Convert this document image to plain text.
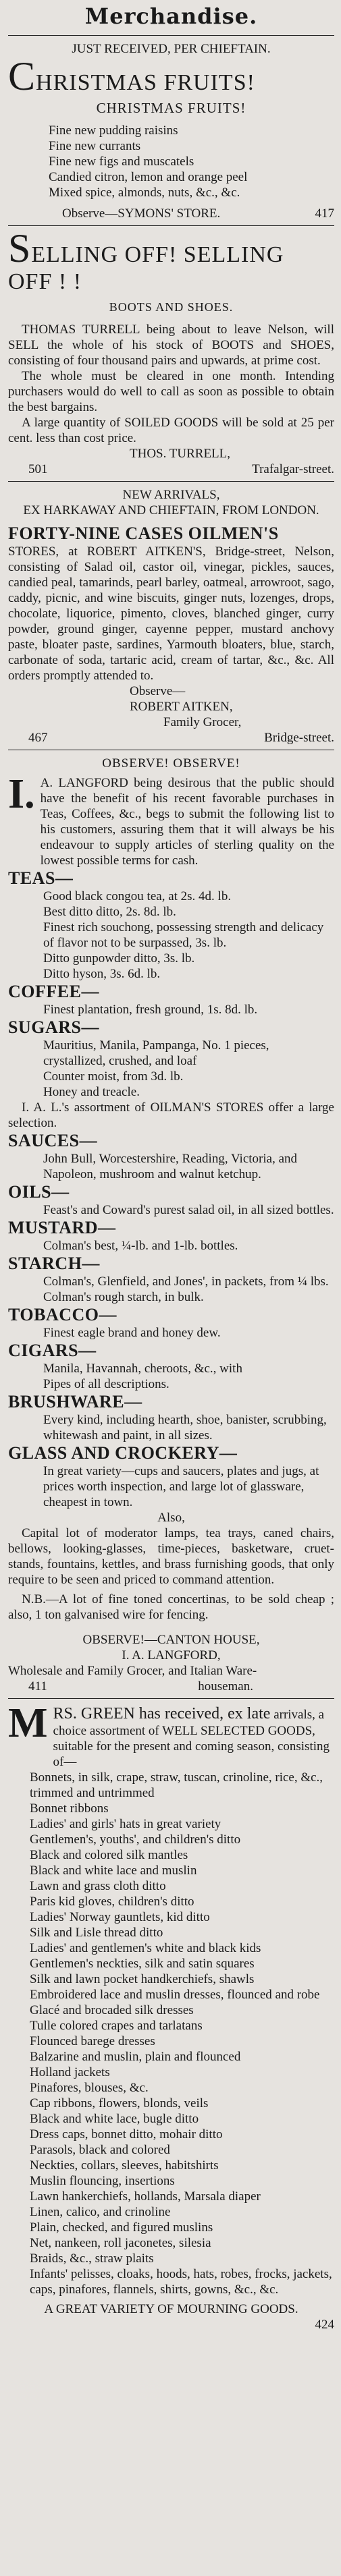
Merchandise.
JUST RECEIVED, PER CHIEFTAIN.
CHRISTMAS FRUITS!
CHRISTMAS FRUITS!
Fine new pudding raisins
Fine new currants
Fine new figs and muscatels
Candied citron, lemon and orange peel
Mixed spice, almonds, nuts, &c., &c.
Observe—SYMONS' STORE.	417
SELLING OFF! SELLING OFF ! !
BOOTS AND SHOES.
THOMAS TURRELL being about to leave Nelson, will SELL the whole of his stock of BOOTS and SHOES, consisting of four thousand pairs and upwards, at prime cost.
The whole must be cleared in one month. Intending purchasers would do well to call as soon as possible to obtain the best bargains.
A large quantity of SOILED GOODS will be sold at 25 per cent. less than cost price.
THOS. TURRELL,
501	Trafalgar-street.
NEW ARRIVALS,
EX HARKAWAY AND CHIEFTAIN, FROM LONDON.
FORTY-NINE CASES OILMEN'S
STORES, at ROBERT AITKEN'S, Bridge-street, Nelson, consisting of Salad oil, castor oil, vinegar, pickles, sauces, candied peal, tamarinds, pearl barley, oatmeal, arrowroot, sago, caddy, picnic, and wine biscuits, ginger nuts, lozenges, drops, chocolate, liquorice, pimento, cloves, blanched ginger, curry powder, ground ginger, cayenne pepper, mustard anchovy paste, bloater paste, sardines, Yarmouth bloaters, blue, starch, carbonate of soda, tartaric acid, cream of tartar, &c., &c. All orders promptly attended to.
Observe—
ROBERT AITKEN,
Family Grocer,
467	Bridge-street.
OBSERVE! OBSERVE!
I. A. LANGFORD being desirous that the public should have the benefit of his recent favorable purchases in Teas, Coffees, &c., begs to submit the following list to his customers, assuring them that it will always be his endeavour to supply articles of sterling quality on the lowest possible terms for cash.
TEAS—
Good black congou tea, at 2s. 4d. lb.
Best ditto ditto, 2s. 8d. lb.
Finest rich souchong, possessing strength and delicacy of flavor not to be surpassed, 3s. lb.
Ditto gunpowder ditto, 3s. lb.
Ditto hyson, 3s. 6d. lb.
COFFEE—
Finest plantation, fresh ground, 1s. 8d. lb.
SUGARS—
Mauritius, Manila, Pampanga, No. 1 pieces, crystallized, crushed, and loaf
Counter moist, from 3d. lb.
Honey and treacle.
I. A. L.'s assortment of OILMAN'S STORES offer a large selection.
SAUCES—
John Bull, Worcestershire, Reading, Victoria, and Napoleon, mushroom and walnut ketchup.
OILS—
Feast's and Coward's purest salad oil, in all sized bottles.
MUSTARD—
Colman's best, ¼-lb. and 1-lb. bottles.
STARCH—
Colman's, Glenfield, and Jones', in packets, from ¼ lbs.
Colman's rough starch, in bulk.
TOBACCO—
Finest eagle brand and honey dew.
CIGARS—
Manila, Havannah, cheroots, &c., with
Pipes of all descriptions.
BRUSHWARE—
Every kind, including hearth, shoe, banister, scrubbing, whitewash and paint, in all sizes.
GLASS AND CROCKERY—
In great variety—cups and saucers, plates and jugs, at prices worth inspection, and large lot of glassware, cheapest in town.
Also,
Capital lot of moderator lamps, tea trays, caned chairs, bellows, looking-glasses, time-pieces, basketware, cruet-stands, fountains, kettles, and brass furnishing goods, that only require to be seen and priced to command attention.
N.B.—A lot of fine toned concertinas, to be sold cheap ; also, 1 ton galvanised wire for fencing.
OBSERVE!—CANTON HOUSE,
I. A. LANGFORD,
Wholesale and Family Grocer, and Italian Ware-
411	houseman.
M RS. GREEN has received, ex late arrivals, a choice assortment of WELL SELECTED GOODS, suitable for the present and coming season, consisting of—
Bonnets, in silk, crape, straw, tuscan, crinoline, rice, &c., trimmed and untrimmed
Bonnet ribbons
Ladies' and girls' hats in great variety
Gentlemen's, youths', and children's ditto
Black and colored silk mantles
Black and white lace and muslin
Lawn and grass cloth ditto
Paris kid gloves, children's ditto
Ladies' Norway gauntlets, kid ditto
Silk and Lisle thread ditto
Ladies' and gentlemen's white and black kids
Gentlemen's neckties, silk and satin squares
Silk and lawn pocket handkerchiefs, shawls
Embroidered lace and muslin dresses, flounced and robe
Glacé and brocaded silk dresses
Tulle colored crapes and tarlatans
Flounced barege dresses
Balzarine and muslin, plain and flounced
Holland jackets
Pinafores, blouses, &c.
Cap ribbons, flowers, blonds, veils
Black and white lace, bugle ditto
Dress caps, bonnet ditto, mohair ditto
Parasols, black and colored
Neckties, collars, sleeves, habitshirts
Muslin flouncing, insertions
Lawn hankerchiefs, hollands, Marsala diaper
Linen, calico, and crinoline
Plain, checked, and figured muslins
Net, nankeen, roll jaconetes, silesia
Braids, &c., straw plaits
Infants' pelisses, cloaks, hoods, hats, robes, frocks, jackets, caps, pinafores, flannels, shirts, gowns, &c., &c.
A GREAT VARIETY OF MOURNING GOODS.
424
